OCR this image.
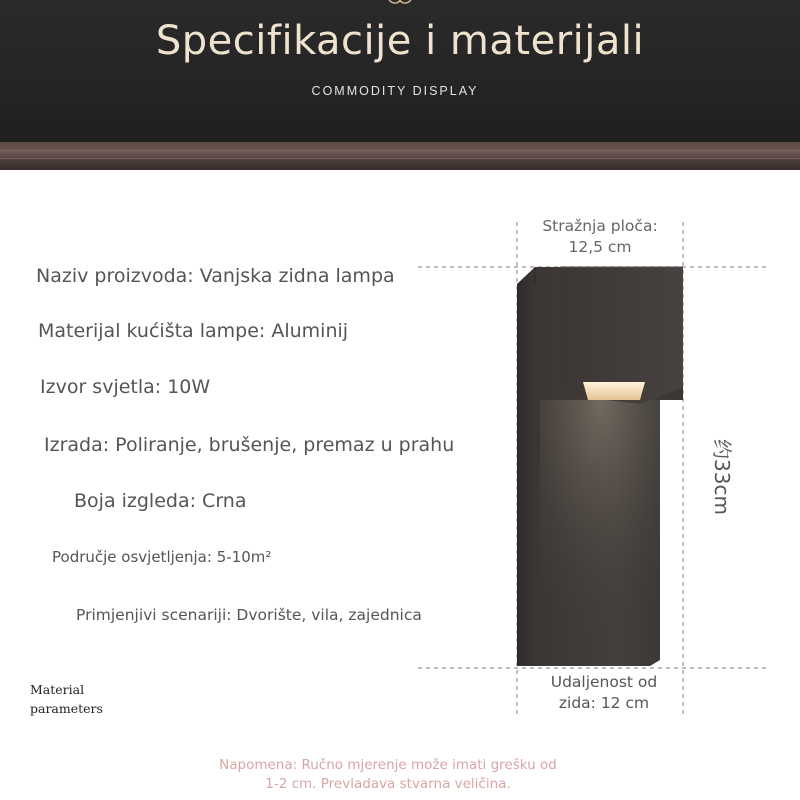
Specifikacije i materijali
COMMODITY DISPLAY
Naziv proizvoda: Vanjska zidna lampa
Materijal kućišta lampe: Aluminij
Izvor svjetla: 10W
Izrada: Poliranje, brušenje, premaz u prahu
Boja izgleda: Crna
Područje osvjetljenja: 5-10m²
Primjenjivi scenariji: Dvorište, vila, zajednica
Material
parameters
Stražnja ploča:
12,5 cm
约33cm
Udaljenost od
zida: 12 cm
Napomena: Ručno mjerenje može imati grešku od
1-2 cm. Prevladava stvarna veličina.
